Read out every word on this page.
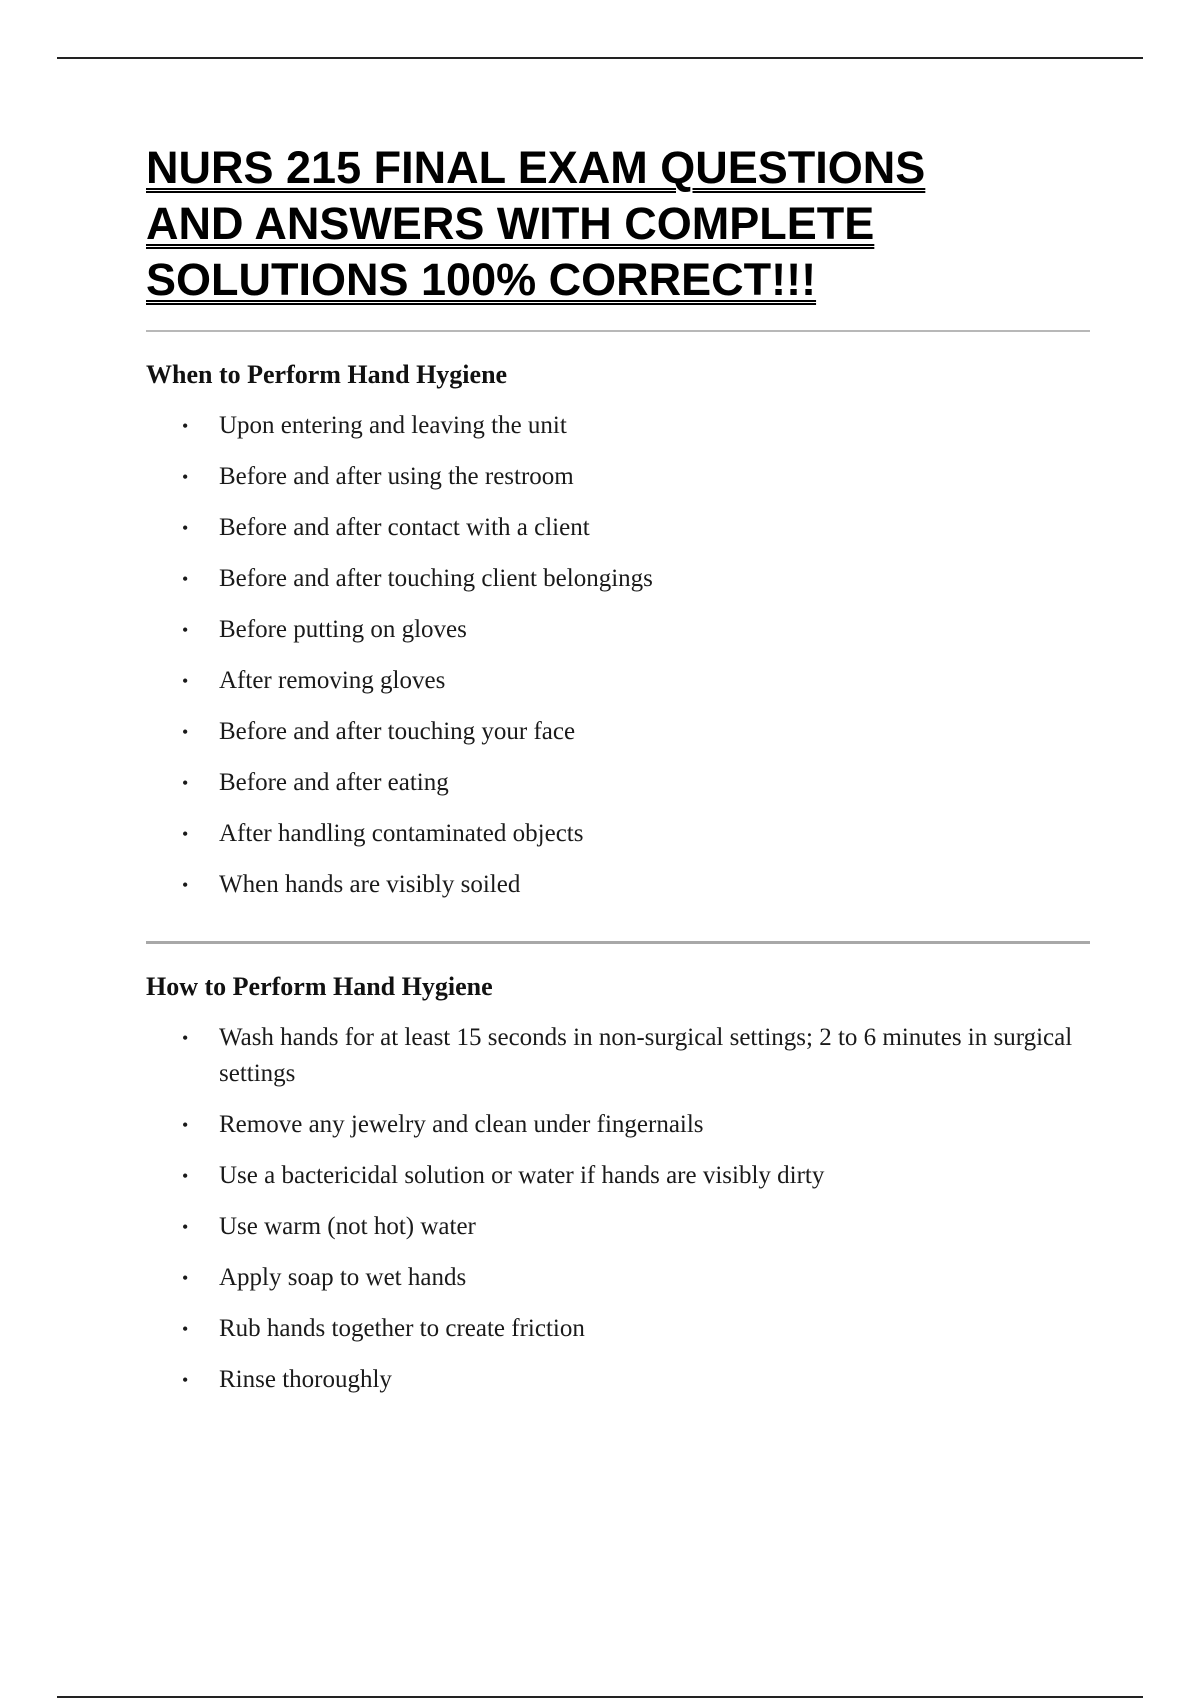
NURS 215 FINAL EXAM QUESTIONS
AND ANSWERS WITH COMPLETE
SOLUTIONS 100% CORRECT!!!
When to Perform Hand Hygiene
• Upon entering and leaving the unit
• Before and after using the restroom
• Before and after contact with a client
• Before and after touching client belongings
• Before putting on gloves
• After removing gloves
• Before and after touching your face
• Before and after eating
• After handling contaminated objects
• When hands are visibly soiled
How to Perform Hand Hygiene
• Wash hands for at least 15 seconds in non-surgical settings; 2 to 6 minutes in surgical settings
• Remove any jewelry and clean under fingernails
• Use a bactericidal solution or water if hands are visibly dirty
• Use warm (not hot) water
• Apply soap to wet hands
• Rub hands together to create friction
• Rinse thoroughly
